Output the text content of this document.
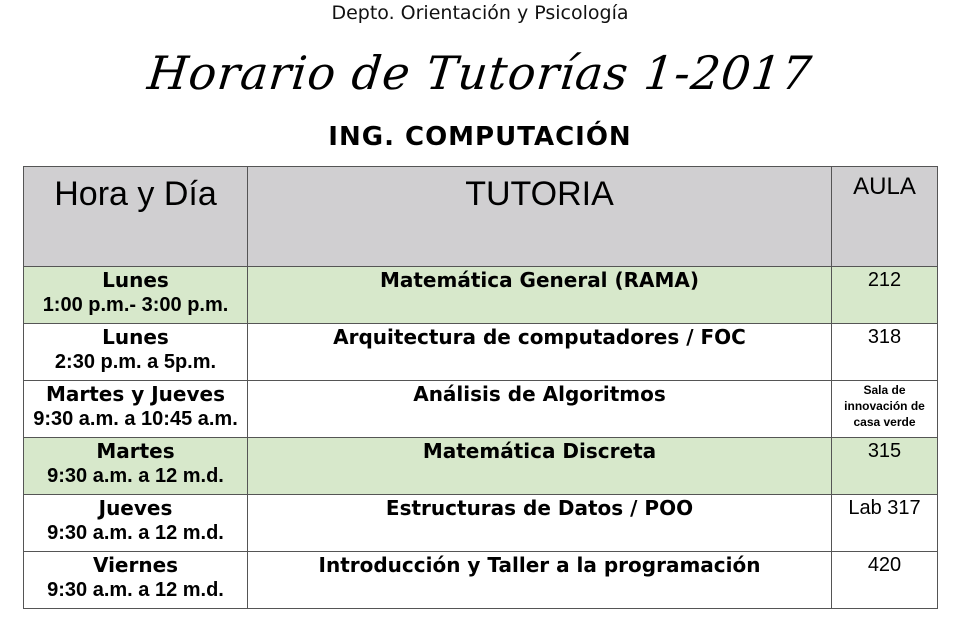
Depto. Orientación y Psicología
Horario de Tutorías 1-2017
ING. COMPUTACIÓN
Hora y Día	TUTORIA	AULA

Lunes
1:00 p.m.- 3:00 p.m.	Matemática General (RAMA)	212

Lunes
2:30 p.m. a 5p.m.	Arquitectura de computadores / FOC	318

Martes y Jueves
9:30 a.m. a 10:45 a.m.	Análisis de Algoritmos	Sala de innovación de casa verde

Martes
9:30 a.m. a 12 m.d.	Matemática Discreta	315

Jueves
9:30 a.m. a 12 m.d.	Estructuras de Datos / POO	Lab 317

Viernes
9:30 a.m. a 12 m.d.	Introducción y Taller a la programación	420
